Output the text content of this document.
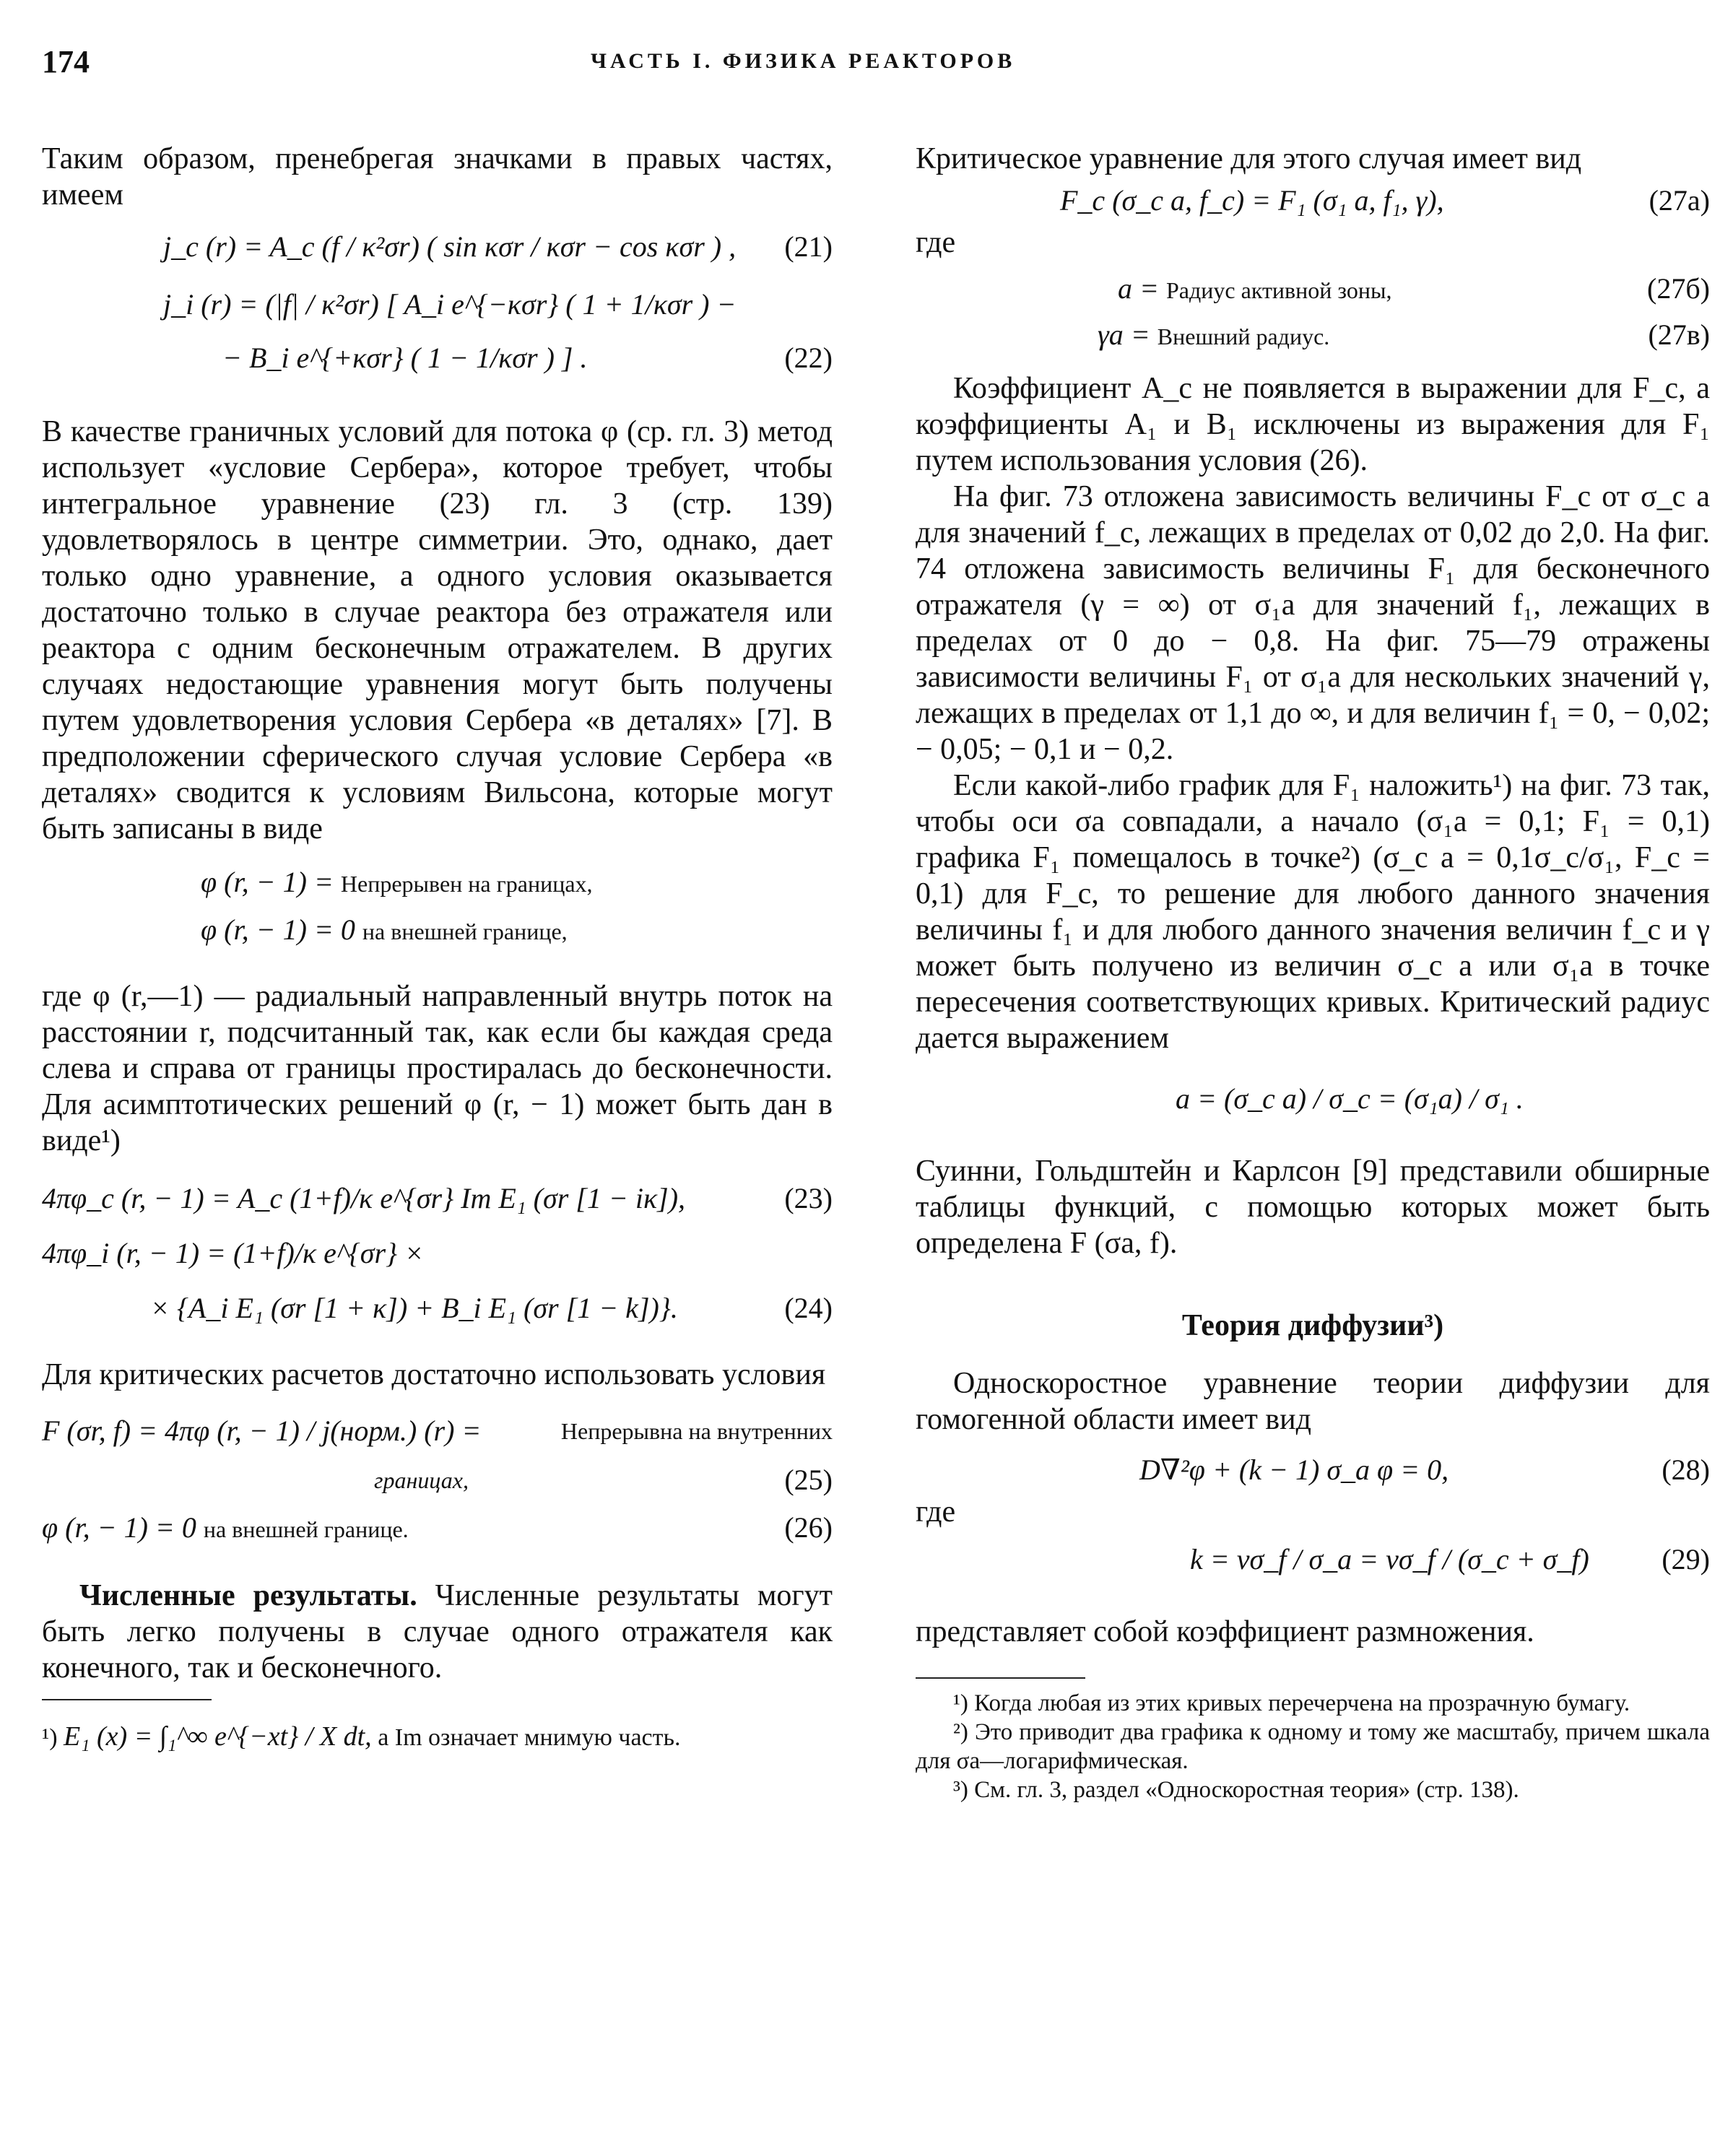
174	ЧАСТЬ I. ФИЗИКА РЕАКТОРОВ

Таким образом, пренебрегая значками в правых частях, имеем

j_c (r) = A_c (f / κ²σr) ( sin κσr / κσr − cos κσr ) , (21)
j_i (r) = (|f| / κ²σr) [ A_i e^{−κσr} ( 1 + 1/κσr ) −
− B_i e^{+κσr} ( 1 − 1/κσr ) ] .	(22)

В качестве граничных условий для потока φ (ср. гл. 3) метод использует «условие Сербера», которое требует, чтобы интегральное уравнение (23) гл. 3 (стр. 139) удовлетворялось в центре симметрии. Это, однако, дает только одно уравнение, а одного условия оказывается достаточно только в случае реактора без отражателя или реактора с одним бесконечным отражателем. В других случаях недостающие уравнения могут быть получены путем удовлетворения условия Сербера «в деталях» [7]. В предположении сферического случая условие Сербера «в деталях» сводится к условиям Вильсона, которые могут быть записаны в виде

φ (r, − 1) = Непрерывен на границах,
φ (r, − 1) = 0 на внешней границе,

где φ (r,—1) — радиальный направленный внутрь поток на расстоянии r, подсчитанный так, как если бы каждая среда слева и справа от границы простиралась до бесконечности. Для асимптотических решений φ (r, − 1) может быть дан в виде¹)

4πφ_c (r, − 1) = A_c (1+f)/κ e^{σr} Im E₁ (σr [1 − iκ]),	(23)
4πφ_i (r, − 1) = (1+f)/κ e^{σr} ×
× {A_i E₁ (σr [1 + κ]) + B_i E₁ (σr [1 − k])}.	(24)

Для критических расчетов достаточно использовать условия

F (σr, f) = 4πφ (r, − 1) / j(норм.) (r) =	Непрерывна на внутренних
границах,	(25)
φ (r, − 1) = 0 на внешней границе.	(26)

Численные результаты. Численные результаты могут быть легко получены в случае одного отражателя как конечного, так и бесконечного.

¹) E₁ (x) = ∫₁^∞ e^{−xt} / X dt, а Im означает мнимую часть.

Критическое уравнение для этого случая имеет вид

F_c (σ_c a, f_c) = F₁ (σ₁ a, f₁, γ),	(27а)

где

a = Радиус активной зоны,	(27б)
γa = Внешний радиус.	(27в)

Коэффициент A_c не появляется в выражении для F_c, а коэффициенты A₁ и B₁ исключены из выражения для F₁ путем использования условия (26).

На фиг. 73 отложена зависимость величины F_c от σ_c a для значений f_c, лежащих в пределах от 0,02 до 2,0. На фиг. 74 отложена зависимость величины F₁ для бесконечного отражателя (γ = ∞) от σ₁a для значений f₁, лежащих в пределах от 0 до − 0,8. На фиг. 75—79 отражены зависимости величины F₁ от σ₁a для нескольких значений γ, лежащих в пределах от 1,1 до ∞, и для величин f₁ = 0, − 0,02; − 0,05; − 0,1 и − 0,2.

Если какой-либо график для F₁ наложить¹) на фиг. 73 так, чтобы оси σa совпадали, а начало (σ₁a = 0,1; F₁ = 0,1) графика F₁ помещалось в точке²) (σ_c a = 0,1σ_c/σ₁, F_c = 0,1) для F_c, то решение для любого данного значения величины f₁ и для любого данного значения величин f_c и γ может быть получено из величин σ_c a или σ₁a в точке пересечения соответствующих кривых. Критический радиус дается выражением

a = (σ_c a) / σ_c = (σ₁a) / σ₁ .

Суинни, Гольдштейн и Карлсон [9] представили обширные таблицы функций, с помощью которых может быть определена F (σa, f).

Теория диффузии³)

Односкоростное уравнение теории диффузии для гомогенной области имеет вид

D∇²φ + (k − 1) σ_a φ = 0,	(28)

где

k = νσ_f / σ_a = νσ_f / (σ_c + σ_f)	(29)

представляет собой коэффициент размножения.

¹) Когда любая из этих кривых перечерчена на прозрачную бумагу.

²) Это приводит два графика к одному и тому же масштабу, причем шкала для σa—логарифмическая.

³) См. гл. 3, раздел «Односкоростная теория» (стр. 138).
